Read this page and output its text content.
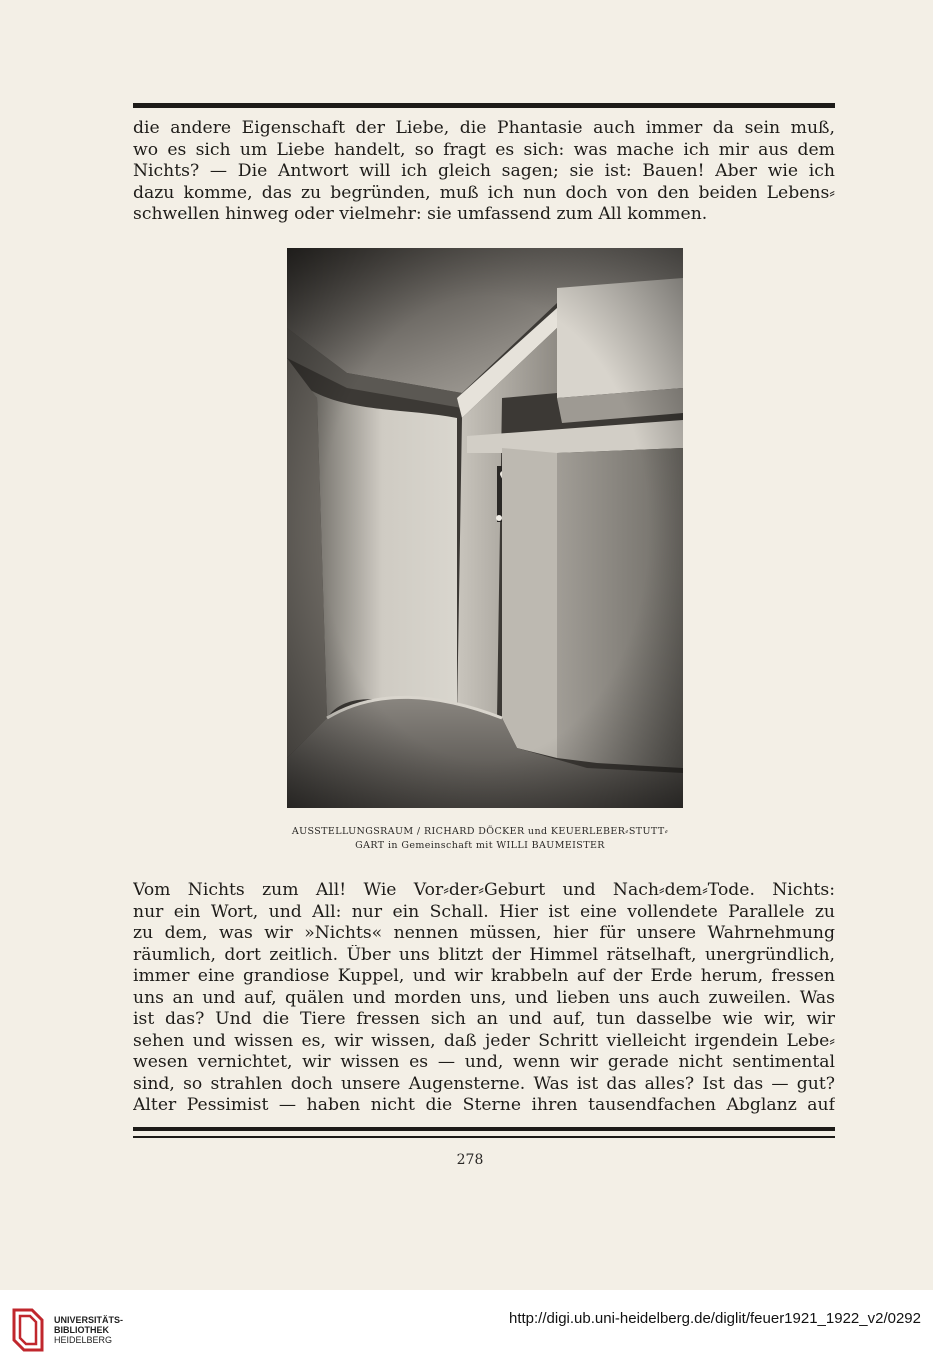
die andere Eigenschaft der Liebe, die Phantasie auch immer da sein muß,
wo es sich um Liebe handelt, so fragt es sich: was mache ich mir aus dem
Nichts? — Die Antwort will ich gleich sagen; sie ist: Bauen! Aber wie ich
dazu komme, das zu begründen, muß ich nun doch von den beiden Lebens⸗
schwellen hinweg oder vielmehr: sie umfassend zum All kommen.
AUSSTELLUNGSRAUM / RICHARD DÖCKER und KEUERLEBER⸗STUTT⸗
GART in Gemeinschaft mit WILLI BAUMEISTER
Vom Nichts zum All! Wie Vor⸗der⸗Geburt und Nach⸗dem⸗Tode. Nichts:
nur ein Wort, und All: nur ein Schall. Hier ist eine vollendete Parallele zu
zu dem, was wir »Nichts« nennen müssen, hier für unsere Wahrnehmung
räumlich, dort zeitlich. Über uns blitzt der Himmel rätselhaft, unergründlich,
immer eine grandiose Kuppel, und wir krabbeln auf der Erde herum, fressen
uns an und auf, quälen und morden uns, und lieben uns auch zuweilen. Was
ist das? Und die Tiere fressen sich an und auf, tun dasselbe wie wir, wir
sehen und wissen es, wir wissen, daß jeder Schritt vielleicht irgendein Lebe⸗
wesen vernichtet, wir wissen es — und, wenn wir gerade nicht sentimental
sind, so strahlen doch unsere Augensterne. Was ist das alles? Ist das — gut?
Alter Pessimist — haben nicht die Sterne ihren tausendfachen Abglanz auf
278
UNIVERSITÄTS-
BIBLIOTHEK
HEIDELBERG
http://digi.ub.uni-heidelberg.de/diglit/feuer1921_1922_v2/0292
